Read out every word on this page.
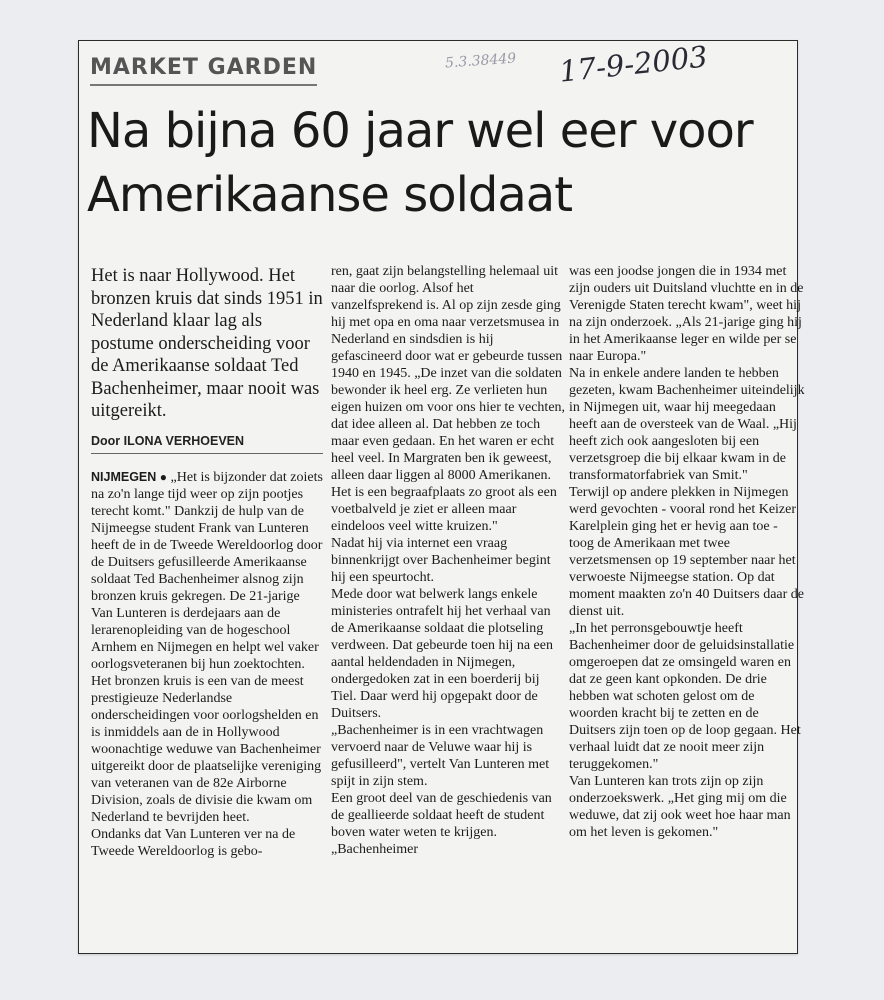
MARKET GARDEN	5.3.38449 17-9-2003
Na bijna 60 jaar wel eer voor Amerikaanse soldaat

Het is naar Hollywood. Het bronzen kruis dat sinds 1951 in Nederland klaar lag als postume onderscheiding voor de Amerikaanse soldaat Ted Bachenheimer, maar nooit was uitgereikt.

Door ILONA VERHOEVEN

NIJMEGEN ● „Het is bijzonder dat zoiets na zo'n lange tijd weer op zijn pootjes terecht komt." Dankzij de hulp van de Nijmeegse student Frank van Lunteren heeft de in de Tweede Wereldoorlog door de Duitsers gefusilleerde Amerikaanse soldaat Ted Bachenheimer alsnog zijn bronzen kruis gekregen. De 21-jarige Van Lunteren is derdejaars aan de lerarenopleiding van de hogeschool Arnhem en Nijmegen en helpt wel vaker oorlogsveteranen bij hun zoektochten.

Het bronzen kruis is een van de meest prestigieuze Nederlandse onderscheidingen voor oorlogshelden en is inmiddels aan de in Hollywood woonachtige weduwe van Bachenheimer uitgereikt door de plaatselijke vereniging van veteranen van de 82e Airborne Division, zoals de divisie die kwam om Nederland te bevrijden heet.

Ondanks dat Van Lunteren ver na de Tweede Wereldoorlog is gebo-

ren, gaat zijn belangstelling helemaal uit naar die oorlog. Alsof het vanzelfsprekend is. Al op zijn zesde ging hij met opa en oma naar verzetsmusea in Nederland en sindsdien is hij gefascineerd door wat er gebeurde tussen 1940 en 1945. „De inzet van die soldaten bewonder ik heel erg. Ze verlieten hun eigen huizen om voor ons hier te vechten, dat idee alleen al. Dat hebben ze toch maar even gedaan. En het waren er echt heel veel. In Margraten ben ik geweest, alleen daar liggen al 8000 Amerikanen. Het is een begraafplaats zo groot als een voetbalveld je ziet er alleen maar eindeloos veel witte kruizen."

Nadat hij via internet een vraag binnenkrijgt over Bachenheimer begint hij een speurtocht.

Mede door wat belwerk langs enkele ministeries ontrafelt hij het verhaal van de Amerikaanse soldaat die plotseling verdween. Dat gebeurde toen hij na een aantal heldendaden in Nijmegen, ondergedoken zat in een boerderij bij Tiel. Daar werd hij opgepakt door de Duitsers.

„Bachenheimer is in een vrachtwagen vervoerd naar de Veluwe waar hij is gefusilleerd", vertelt Van Lunteren met spijt in zijn stem.

Een groot deel van de geschiedenis van de geallieerde soldaat heeft de student boven water weten te krijgen. „Bachenheimer

was een joodse jongen die in 1934 met zijn ouders uit Duitsland vluchtte en in de Verenigde Staten terecht kwam", weet hij na zijn onderzoek. „Als 21-jarige ging hij in het Amerikaanse leger en wilde per se naar Europa."

Na in enkele andere landen te hebben gezeten, kwam Bachenheimer uiteindelijk in Nijmegen uit, waar hij meegedaan heeft aan de oversteek van de Waal. „Hij heeft zich ook aangesloten bij een verzetsgroep die bij elkaar kwam in de transformatorfabriek van Smit."

Terwijl op andere plekken in Nijmegen werd gevochten - vooral rond het Keizer Karelplein ging het er hevig aan toe - toog de Amerikaan met twee verzetsmensen op 19 september naar het verwoeste Nijmeegse station. Op dat moment maakten zo'n 40 Duitsers daar de dienst uit.

„In het perronsgebouwtje heeft Bachenheimer door de geluidsinstallatie omgeroepen dat ze omsingeld waren en dat ze geen kant opkonden. De drie hebben wat schoten gelost om de woorden kracht bij te zetten en de Duitsers zijn toen op de loop gegaan. Het verhaal luidt dat ze nooit meer zijn teruggekomen."

Van Lunteren kan trots zijn op zijn onderzoekswerk. „Het ging mij om die weduwe, dat zij ook weet hoe haar man om het leven is gekomen."
